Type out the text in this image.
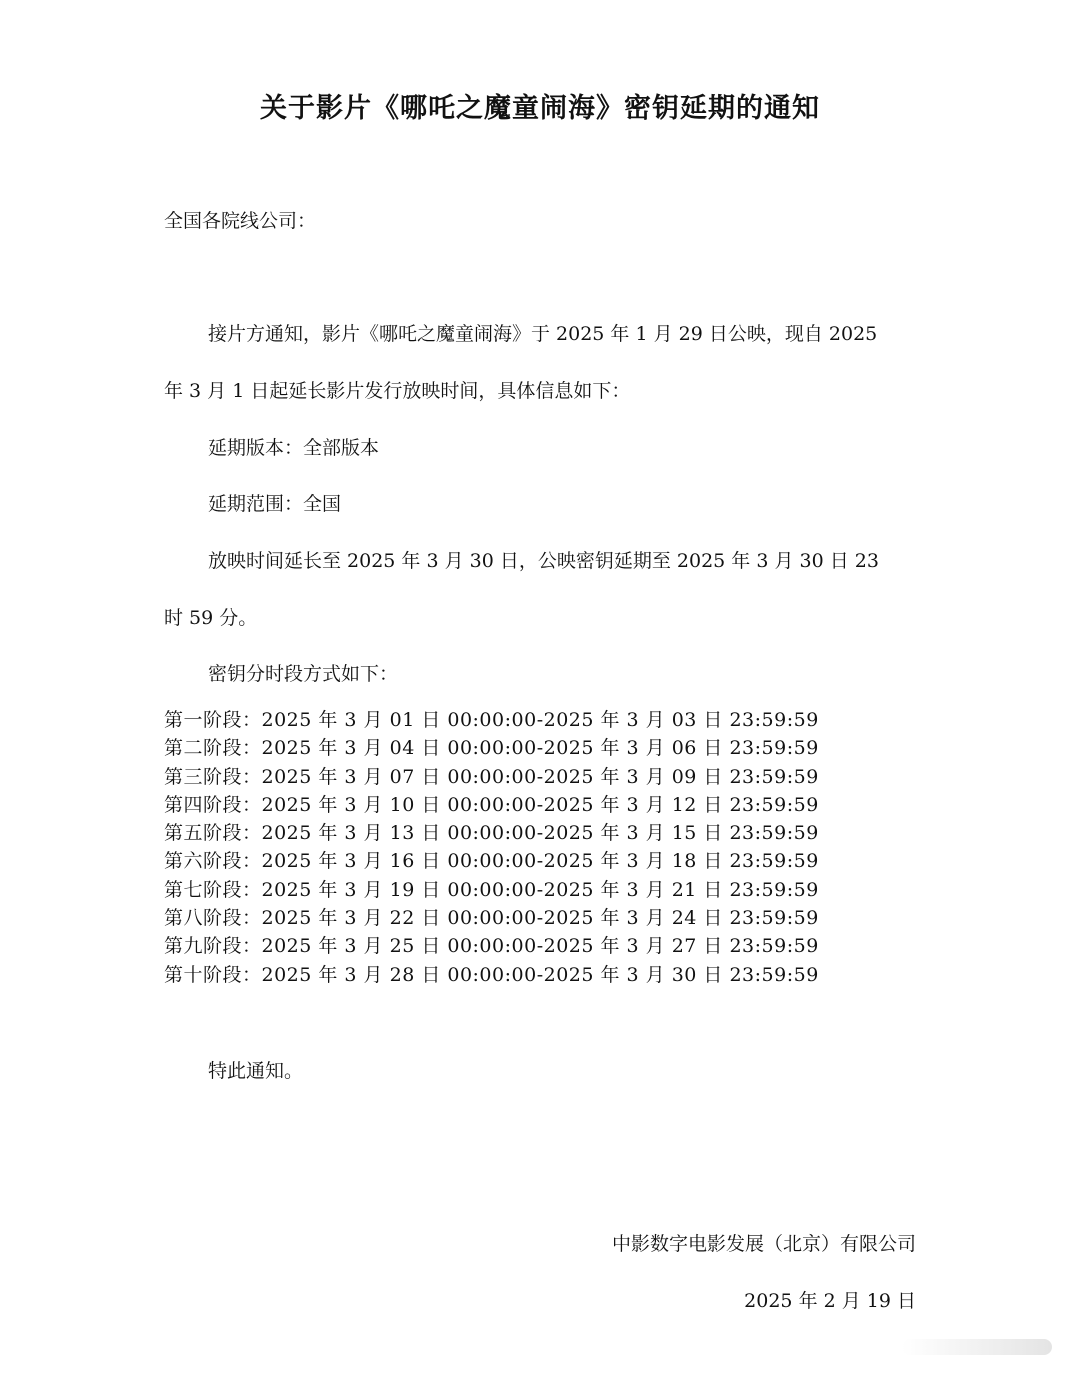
关于影片《哪吒之魔童闹海》密钥延期的通知
全国各院线公司：
接片方通知，影片《哪吒之魔童闹海》于 2025 年 1 月 29 日公映，现自 2025
年 3 月 1 日起延长影片发行放映时间，具体信息如下：
延期版本：全部版本
延期范围：全国
放映时间延长至 2025 年 3 月 30 日，公映密钥延期至 2025 年 3 月 30 日 23
时 59 分。
密钥分时段方式如下：
第一阶段：2025 年 3 月 01 日 00:00:00-2025 年 3 月 03 日 23:59:59
第二阶段：2025 年 3 月 04 日 00:00:00-2025 年 3 月 06 日 23:59:59
第三阶段：2025 年 3 月 07 日 00:00:00-2025 年 3 月 09 日 23:59:59
第四阶段：2025 年 3 月 10 日 00:00:00-2025 年 3 月 12 日 23:59:59
第五阶段：2025 年 3 月 13 日 00:00:00-2025 年 3 月 15 日 23:59:59
第六阶段：2025 年 3 月 16 日 00:00:00-2025 年 3 月 18 日 23:59:59
第七阶段：2025 年 3 月 19 日 00:00:00-2025 年 3 月 21 日 23:59:59
第八阶段：2025 年 3 月 22 日 00:00:00-2025 年 3 月 24 日 23:59:59
第九阶段：2025 年 3 月 25 日 00:00:00-2025 年 3 月 27 日 23:59:59
第十阶段：2025 年 3 月 28 日 00:00:00-2025 年 3 月 30 日 23:59:59
特此通知。
中影数字电影发展（北京）有限公司
2025 年 2 月 19 日
